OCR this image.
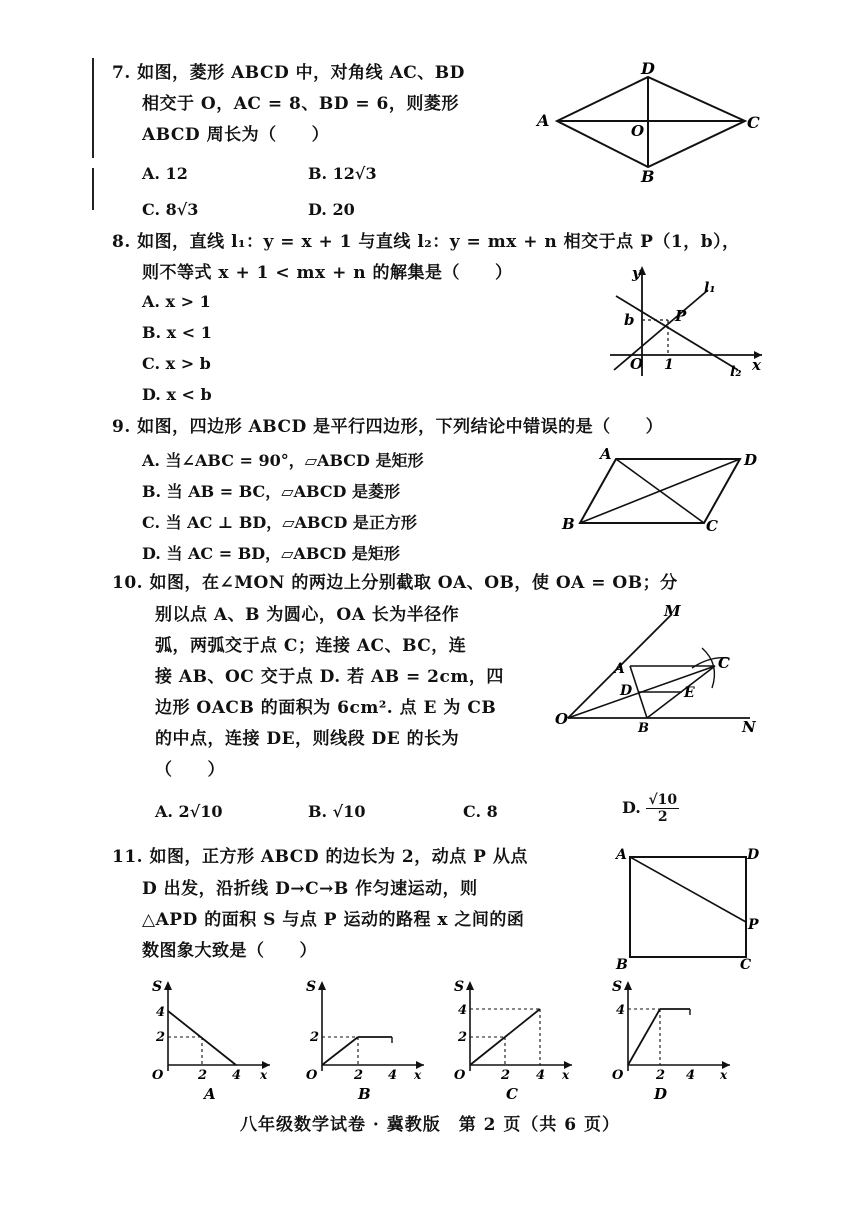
7. 如图，菱形 ABCD 中，对角线 AC、BD
相交于 O，AC = 8、BD = 6，则菱形
ABCD 周长为（　　）
A. 12	B. 12√3
C. 8√3	D. 20
A
D
C
B
O
8. 如图，直线 l₁：y = x + 1 与直线 l₂：y = mx + n 相交于点 P（1，b），
则不等式 x + 1 < mx + n 的解集是（　　）
A. x > 1
B. x < 1
C. x > b
D. x < b
y
x
b	P
O 1
l₁
l₂
9. 如图，四边形 ABCD 是平行四边形，下列结论中错误的是（　　）
A. 当∠ABC = 90°，▱ABCD 是矩形
B. 当 AB = BC，▱ABCD 是菱形
C. 当 AC ⊥ BD，▱ABCD 是正方形
D. 当 AC = BD，▱ABCD 是矩形
A	D
B	C
10. 如图，在∠MON 的两边上分别截取 OA、OB，使 OA = OB；分
别以点 A、B 为圆心，OA 长为半径作
弧，两弧交于点 C；连接 AC、BC，连
接 AB、OC 交于点 D. 若 AB = 2cm，四
边形 OACB 的面积为 6cm². 点 E 为 CB
的中点，连接 DE，则线段 DE 的长为
（　　）
A. 2√10	B. √10	C. 8	D. $\frac{√10}{2}$
M
A	C
D	E
O
B	N
11. 如图，正方形 ABCD 的边长为 2，动点 P 从点
D 出发，沿折线 D→C→B 作匀速运动，则
△APD 的面积 S 与点 P 运动的路程 x 之间的函
数图象大致是（　　）
A	D
B	C
P
S
x
O
4
2
2 4
A
S
x
O
2
2 4
B
S
x
O
4
2
2 4
C
S
x
O
4
2 4
D
八年级数学试卷 · 冀教版　第 2 页（共 6 页）
